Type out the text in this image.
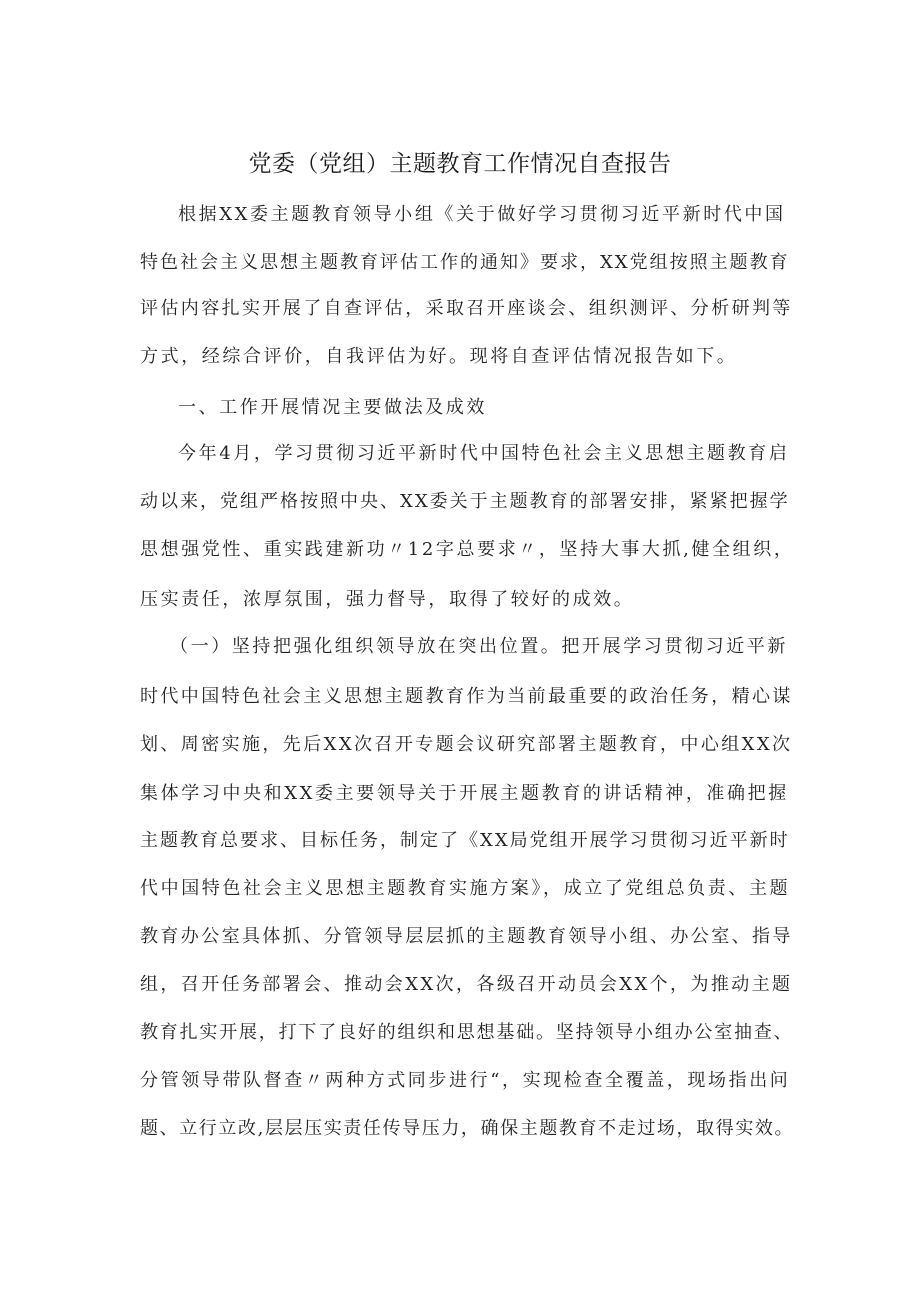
党委（党组）主题教育工作情况自查报告
根据XX委主题教育领导小组《关于做好学习贯彻习近平新时代中国
特色社会主义思想主题教育评估工作的通知》要求，XX党组按照主题教育
评估内容扎实开展了自查评估，采取召开座谈会、组织测评、分析研判等
方式，经综合评价，自我评估为好。现将自查评估情况报告如下。
一、工作开展情况主要做法及成效
今年4月，学习贯彻习近平新时代中国特色社会主义思想主题教育启
动以来，党组严格按照中央、XX委关于主题教育的部署安排，紧紧把握学
思想强党性、重实践建新功〃12字总要求〃，坚持大事大抓,健全组织，
压实责任，浓厚氛围，强力督导，取得了较好的成效。
（一）坚持把强化组织领导放在突出位置。把开展学习贯彻习近平新
时代中国特色社会主义思想主题教育作为当前最重要的政治任务，精心谋
划、周密实施，先后XX次召开专题会议研究部署主题教育，中心组XX次
集体学习中央和XX委主要领导关于开展主题教育的讲话精神，准确把握
主题教育总要求、目标任务，制定了《XX局党组开展学习贯彻习近平新时
代中国特色社会主义思想主题教育实施方案》，成立了党组总负责、主题
教育办公室具体抓、分管领导层层抓的主题教育领导小组、办公室、指导
组，召开任务部署会、推动会XX次，各级召开动员会XX个，为推动主题
教育扎实开展，打下了良好的组织和思想基础。坚持领导小组办公室抽查、
分管领导带队督查〃两种方式同步进行“，实现检查全覆盖，现场指出问
题、立行立改,层层压实责任传导压力，确保主题教育不走过场，取得实效。
